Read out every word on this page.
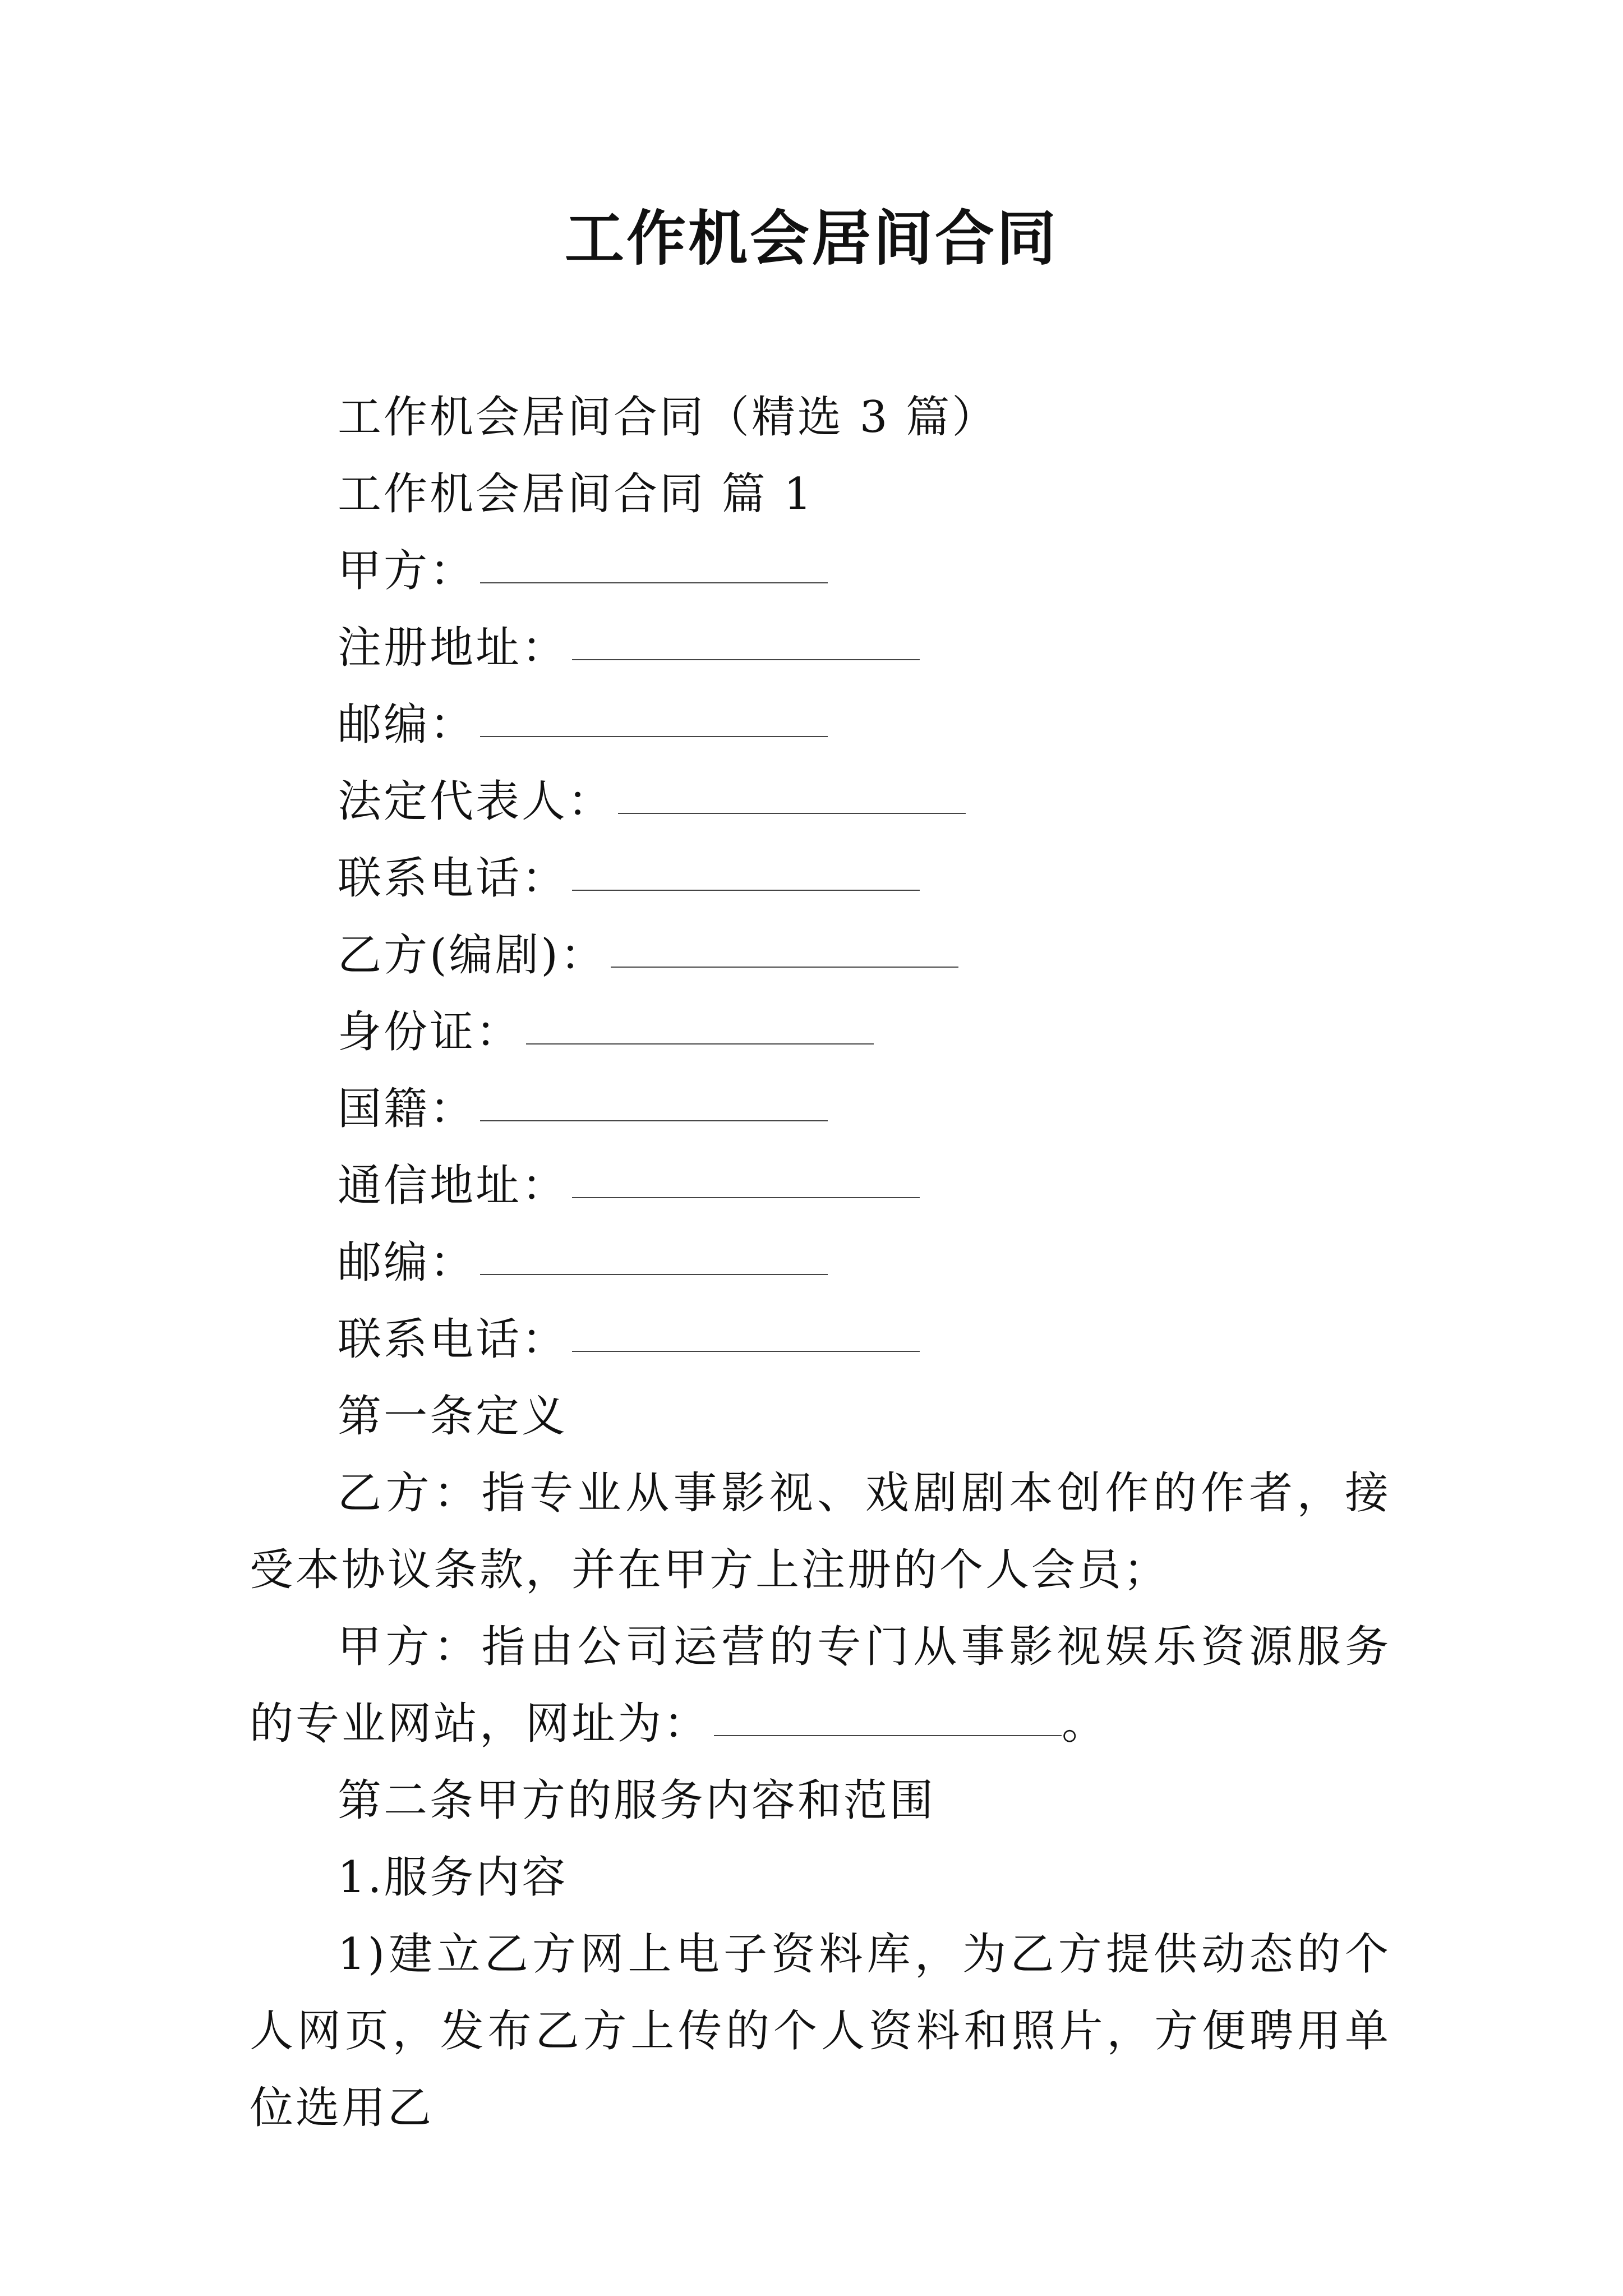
工作机会居间合同

工作机会居间合同（精选 3 篇）

工作机会居间合同 篇 1

甲方：

注册地址：

邮编：

法定代表人：

联系电话：

乙方(编剧)：

身份证：

国籍：

通信地址：

邮编：

联系电话：

第一条定义

乙方：指专业从事影视、戏剧剧本创作的作者，接受本协议条款，并在甲方上注册的个人会员；

甲方：指由公司运营的专门从事影视娱乐资源服务的专业网站，网址为：	。

第二条甲方的服务内容和范围

1.服务内容

1)建立乙方网上电子资料库，为乙方提供动态的个人网页，发布乙方上传的个人资料和照片，方便聘用单位选用乙
